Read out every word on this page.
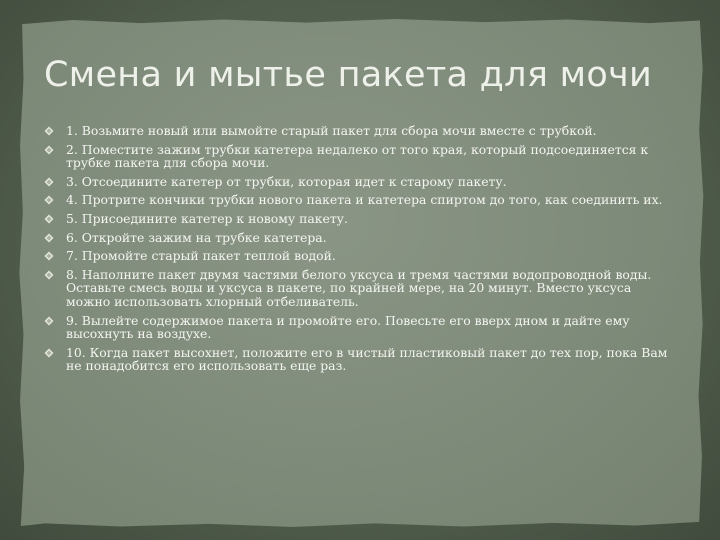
Смена и мытье пакета для мочи
1. Возьмите новый или вымойте старый пакет для сбора мочи вместе с трубкой.
2. Поместите зажим трубки катетера недалеко от того края, который подсоединяется к трубке пакета для сбора мочи.
3. Отсоедините катетер от трубки, которая идет к старому пакету.
4. Протрите кончики трубки нового пакета и катетера спиртом до того, как соединить их.
5. Присоедините катетер к новому пакету.
6. Откройте зажим на трубке катетера.
7. Промойте старый пакет теплой водой.
8. Наполните пакет двумя частями белого уксуса и тремя частями водопроводной воды. Оставьте смесь воды и уксуса в пакете, по крайней мере, на 20 минут. Вместо уксуса можно использовать хлорный отбеливатель.
9. Вылейте содержимое пакета и промойте его. Повесьте его вверх дном и дайте ему высохнуть на воздухе.
10. Когда пакет высохнет, положите его в чистый пластиковый пакет до тех пор, пока Вам не понадобится его использовать еще раз.
